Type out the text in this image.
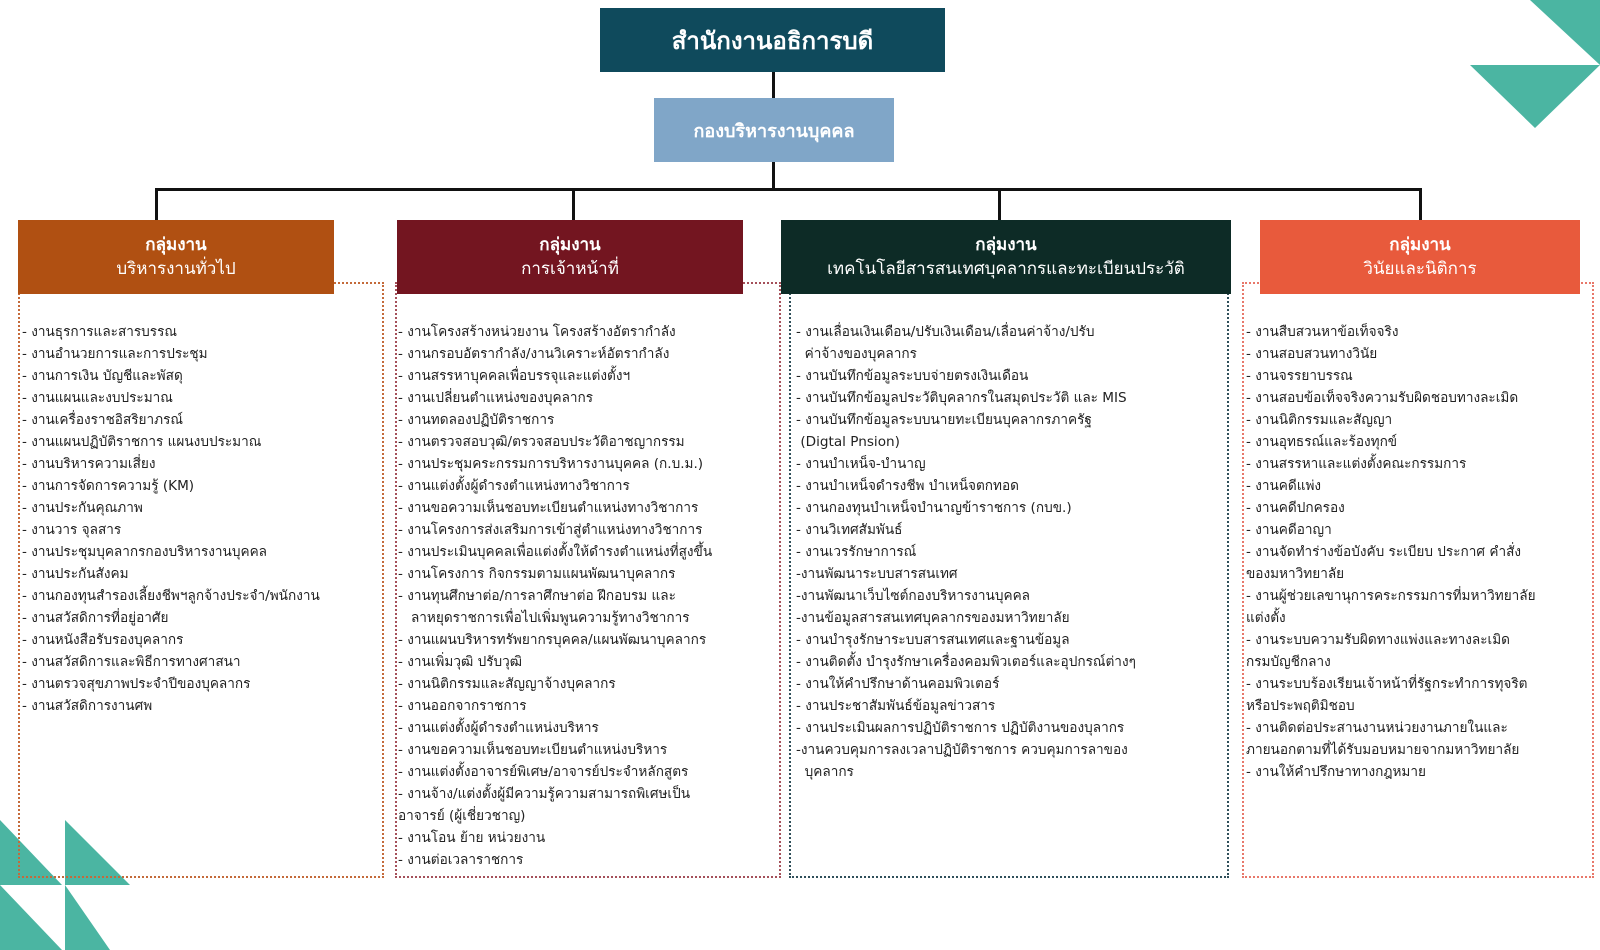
สำนักงานอธิการบดี
กองบริหารงานบุคคล
กลุ่มงาน
บริหารงานทั่วไป
- งานธุรการและสารบรรณ
- งานอำนวยการและการประชุม
- งานการเงิน บัญชีและพัสดุ
- งานแผนและงบประมาณ
- งานเครื่องราชอิสริยาภรณ์
- งานแผนปฏิบัติราชการ แผนงบประมาณ
- งานบริหารความเสี่ยง
- งานการจัดการความรู้ (KM)
- งานประกันคุณภาพ
- งานวาร จุลสาร
- งานประชุมบุคลากรกองบริหารงานบุคคล
- งานประกันสังคม
- งานกองทุนสำรองเลี้ยงชีพฯลูกจ้างประจำ/พนักงาน
- งานสวัสดิการที่อยู่อาศัย
- งานหนังสือรับรองบุคลากร
- งานสวัสดิการและพิธีการทางศาสนา
- งานตรวจสุขภาพประจำปีของบุคลากร
- งานสวัสดิการงานศพ
กลุ่มงาน
การเจ้าหน้าที่
- งานโครงสร้างหน่วยงาน โครงสร้างอัตรากำลัง
- งานกรอบอัตรากำลัง/งานวิเคราะห์อัตรากำลัง
- งานสรรหาบุคคลเพื่อบรรจุและแต่งตั้งฯ
- งานเปลี่ยนตำแหน่งของบุคลากร
- งานทดลองปฏิบัติราชการ
- งานตรวจสอบวุฒิ/ตรวจสอบประวัติอาชญากรรม
- งานประชุมคระกรรมการบริหารงานบุคคล (ก.บ.ม.)
- งานแต่งตั้งผู้ดำรงตำแหน่งทางวิชาการ
- งานขอความเห็นชอบทะเบียนตำแหน่งทางวิชาการ
- งานโครงการส่งเสริมการเข้าสู่ตำแหน่งทางวิชาการ
- งานประเมินบุคคลเพื่อแต่งตั้งให้ดำรงตำแหน่งที่สูงขึ้น
- งานโครงการ กิจกรรมตามแผนพัฒนาบุคลากร
- งานทุนศึกษาต่อ/การลาศึกษาต่อ ฝึกอบรม และ
ลาหยุดราชการเพื่อไปเพิ่มพูนความรู้ทางวิชาการ
- งานแผนบริหารทรัพยากรบุคคล/แผนพัฒนาบุคลากร
- งานเพิ่มวุฒิ ปรับวุฒิ
- งานนิติกรรมและสัญญาจ้างบุคลากร
- งานออกจากราชการ
- งานแต่งตั้งผู้ดำรงตำแหน่งบริหาร
- งานขอความเห็นชอบทะเบียนตำแหน่งบริหาร
- งานแต่งตั้งอาจารย์พิเศษ/อาจารย์ประจำหลักสูตร
- งานจ้าง/แต่งตั้งผู้มีความรู้ความสามารถพิเศษเป็น
อาจารย์ (ผู้เชี่ยวชาญ)
- งานโอน ย้าย หน่วยงาน
- งานต่อเวลาราชการ
กลุ่มงาน
เทคโนโลยีสารสนเทศบุคลากรและทะเบียนประวัติ
- งานเลื่อนเงินเดือน/ปรับเงินเดือน/เลื่อนค่าจ้าง/ปรับ
ค่าจ้างของบุคลากร
- งานบันทึกข้อมูลระบบจ่ายตรงเงินเดือน
- งานบันทึกข้อมูลประวัติบุคลากรในสมุดประวัติ และ MIS
- งานบันทึกข้อมูลระบบนายทะเบียนบุคลากรภาครัฐ
(Digtal Pnsion)
- งานบำเหน็จ-บำนาญ
- งานบำเหน็จดำรงชีพ บำเหน็จตกทอด
- งานกองทุนบำเหน็จบำนาญข้าราชการ (กบข.)
- งานวิเทศสัมพันธ์
- งานเวรรักษาการณ์
-งานพัฒนาระบบสารสนเทศ
-งานพัฒนาเว็บไซต์กองบริหารงานบุคคล
-งานข้อมูลสารสนเทศบุคลากรของมหาวิทยาลัย
- งานบำรุงรักษาระบบสารสนเทศและฐานข้อมูล
- งานติดตั้ง บำรุงรักษาเครื่องคอมพิวเตอร์และอุปกรณ์ต่างๆ
- งานให้คำปรึกษาด้านคอมพิวเตอร์
- งานประชาสัมพันธ์ข้อมูลข่าวสาร
- งานประเมินผลการปฏิบัติราชการ ปฏิบัติงานของบุลากร
-งานควบคุมการลงเวลาปฏิบัติราชการ ควบคุมการลาของ
บุคลากร
กลุ่มงาน
วินัยและนิติการ
- งานสืบสวนหาข้อเท็จจริง
- งานสอบสวนทางวินัย
- งานจรรยาบรรณ
- งานสอบข้อเท็จจริงความรับผิดชอบทางละเมิด
- งานนิติกรรมและสัญญา
- งานอุทธรณ์และร้องทุกข์
- งานสรรหาและแต่งตั้งคณะกรรมการ
- งานคดีแพ่ง
- งานคดีปกครอง
- งานคดีอาญา
- งานจัดทำร่างข้อบังคับ ระเบียบ ประกาศ คำสั่ง
ของมหาวิทยาลัย
- งานผู้ช่วยเลขานุการคระกรรมการที่มหาวิทยาลัย
แต่งตั้ง
- งานระบบความรับผิดทางแพ่งและทางละเมิด
กรมบัญชีกลาง
- งานระบบร้องเรียนเจ้าหน้าที่รัฐกระทำการทุจริต
หรือประพฤติมิชอบ
- งานติดต่อประสานงานหน่วยงานภายในและ
ภายนอกตามที่ได้รับมอบหมายจากมหาวิทยาลัย
- งานให้คำปรึกษาทางกฎหมาย
